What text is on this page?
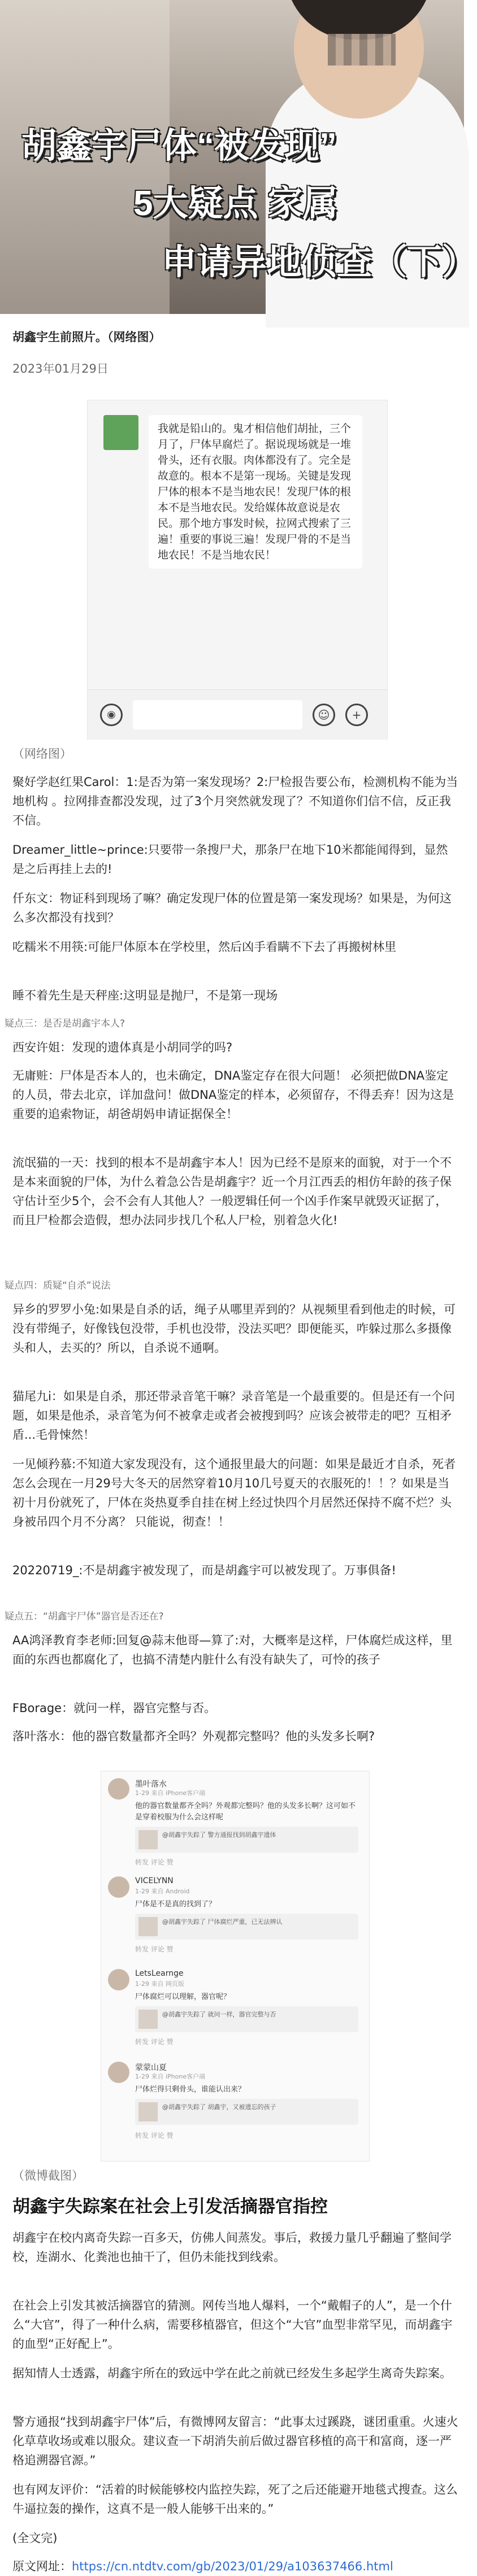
胡鑫宇尸体“被发现”
5大疑点 家属
申请异地侦查（下）
胡鑫宇生前照片。（网络图）
2023年01月29日
我就是铅山的。鬼才相信他们胡扯，三个月了，尸体早腐烂了。据说现场就是一堆骨头，还有衣服。肉体都没有了。完全是故意的。根本不是第一现场。关键是发现尸体的根本不是当地农民！发现尸体的根本不是当地农民。发给媒体故意说是农民。那个地方事发时候，拉网式搜索了三遍！重要的事说三遍！发现尸骨的不是当地农民！不是当地农民！
◉	☺	+
（网络图）
聚好学赵红果Carol：1:是否为第一案发现场？2:尸检报告要公布，检测机构不能为当地机构 。拉网排查都没发现，过了3个月突然就发现了？不知道你们信不信，反正我不信。
Dreamer_little~prince:只要带一条搜尸犬，那条尸在地下10米都能闻得到，显然是之后再挂上去的!
仟东文：物证科到现场了嘛？确定发现尸体的位置是第一案发现场？如果是，为何这么多次都没有找到？
吃糯米不用筷:可能尸体原本在学校里，然后凶手看瞒不下去了再搬树林里
睡不着先生是天秤座:这明显是抛尸，不是第一现场
疑点三：是否是胡鑫宇本人?
西安许姐：发现的遗体真是小胡同学的吗?
无庸赃：尸体是否本人的，也未确定，DNA鉴定存在很大问题！ 必须把做DNA鉴定的人员，带去北京，详加盘问！做DNA鉴定的样本，必须留存，不得丢弃！因为这是重要的追索物证，胡爸胡妈申请证据保全！
流氓猫的一天：找到的根本不是胡鑫宇本人！因为已经不是原来的面貌，对于一个不是本来面貌的尸体，为什么着急公告是胡鑫宇？近一个月江西丢的相仿年龄的孩子保守估计至少5个，会不会有人其他人？一般逻辑任何一个凶手作案早就毁灭证据了，而且尸检都会造假，想办法同步找几个私人尸检，别着急火化!
疑点四：质疑“自杀”说法
异乡的罗罗小兔:如果是自杀的话，绳子从哪里弄到的？从视频里看到他走的时候，可没有带绳子，好像钱包没带，手机也没带，没法买吧？即便能买，咋躲过那么多摄像头和人，去买的？所以，自杀说不通啊。
猫尾九i：如果是自杀，那还带录音笔干嘛？录音笔是一个最重要的。但是还有一个问题，如果是他杀，录音笔为何不被拿走或者会被搜到吗？应该会被带走的吧？互相矛盾...毛骨悚然！
一见倾矜慕:不知道大家发现没有，这个通报里最大的问题：如果是最近才自杀，死者怎么会现在一月29号大冬天的居然穿着10月10几号夏天的衣服死的！！？如果是当初十月份就死了，尸体在炎热夏季自挂在树上经过快四个月居然还保持不腐不烂？头身被吊四个月不分离？ 只能说，彻查！！
20220719_:不是胡鑫宇被发现了，而是胡鑫宇可以被发现了。万事俱备!
疑点五：“胡鑫宇尸体”器官是否还在?
AA鸿泽教育李老师:回复@蒜末他哥—算了:对，大概率是这样，尸体腐烂成这样，里面的东西也都腐化了，也搞不清楚内脏什么有没有缺失了，可怜的孩子
FBorage：就问一样，器官完整与否。
落叶落水：他的器官数量都齐全吗？外观都完整吗？他的头发多长啊?
墨叶落水
1-29 来自 iPhone客户端
他的器官数量都齐全吗？外观都完整吗？他的头发多长啊？这可如不是穿着校服为什么会这样呢
@胡鑫宇失踪了 警方通报找到胡鑫宇遗体
转发 评论 赞
VICELYNN
1-29 来自 Android
尸体是不是真的找到了？
@胡鑫宇失踪了 尸体腐烂严重，已无法辨认
转发 评论 赞
LetsLearnge
1-29 来自 网页版
尸体腐烂可以理解，器官呢？
@胡鑫宇失踪了 就问一样，器官完整与否
转发 评论 赞
蒙蒙山夏
1-29 来自 iPhone客户端
尸体烂得只剩骨头，谁能认出来？
@胡鑫宇失踪了 胡鑫宇，又被遗忘的孩子
转发 评论 赞
（微博截图）
胡鑫宇失踪案在社会上引发活摘器官指控
胡鑫宇在校内离奇失踪一百多天，仿佛人间蒸发。事后，救援力量几乎翻遍了整间学校，连湖水、化粪池也抽干了，但仍未能找到线索。
在社会上引发其被活摘器官的猜测。网传当地人爆料，一个“戴帽子的人”，是一个什么“大官”，得了一种什么病，需要移植器官，但这个“大官”血型非常罕见，而胡鑫宇的血型“正好配上”。
据知情人士透露，胡鑫宇所在的致远中学在此之前就已经发生多起学生离奇失踪案。
警方通报“找到胡鑫宇尸体”后，有微博网友留言：“此事太过蹊跷，谜团重重。火速火化草草收场或难以服众。建议查一下胡消失前后做过器官移植的高干和富商，逐一严格追溯器官源。”
也有网友评价：“活着的时候能够校内监控失踪，死了之后还能避开地毯式搜查。这么牛逼拉轰的操作，这真不是一般人能够干出来的。”
(全文完)
原文网址：https://cn.ntdtv.com/gb/2023/01/29/a103637466.html
